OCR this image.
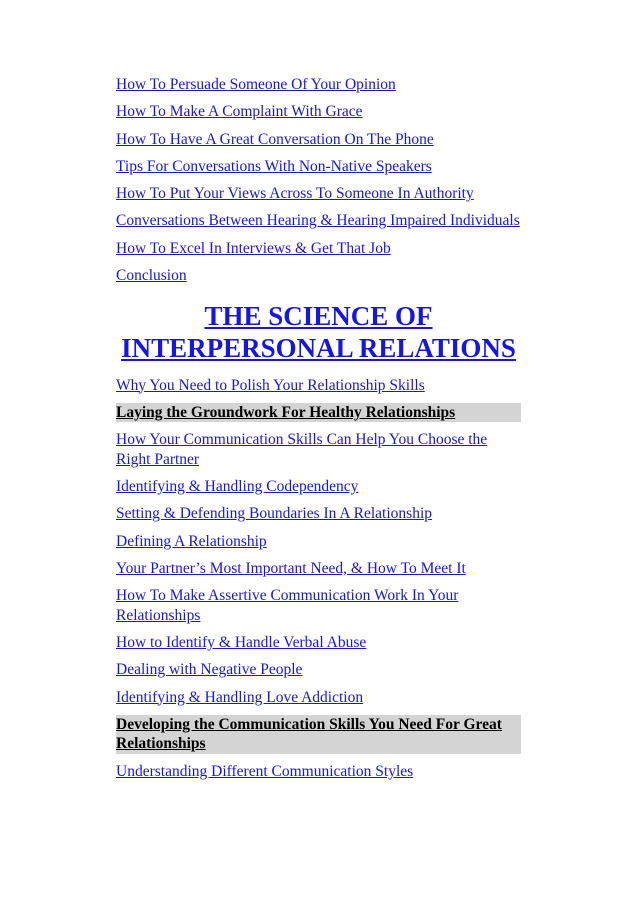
How To Persuade Someone Of Your Opinion
How To Make A Complaint With Grace
How To Have A Great Conversation On The Phone
Tips For Conversations With Non-Native Speakers
How To Put Your Views Across To Someone In Authority
Conversations Between Hearing & Hearing Impaired Individuals
How To Excel In Interviews & Get That Job
Conclusion
THE SCIENCE OF INTERPERSONAL RELATIONS
Why You Need to Polish Your Relationship Skills
Laying the Groundwork For Healthy Relationships
How Your Communication Skills Can Help You Choose the Right Partner
Identifying & Handling Codependency
Setting & Defending Boundaries In A Relationship
Defining A Relationship
Your Partner’s Most Important Need, & How To Meet It
How To Make Assertive Communication Work In Your Relationships
How to Identify & Handle Verbal Abuse
Dealing with Negative People
Identifying & Handling Love Addiction
Developing the Communication Skills You Need For Great Relationships
Understanding Different Communication Styles
